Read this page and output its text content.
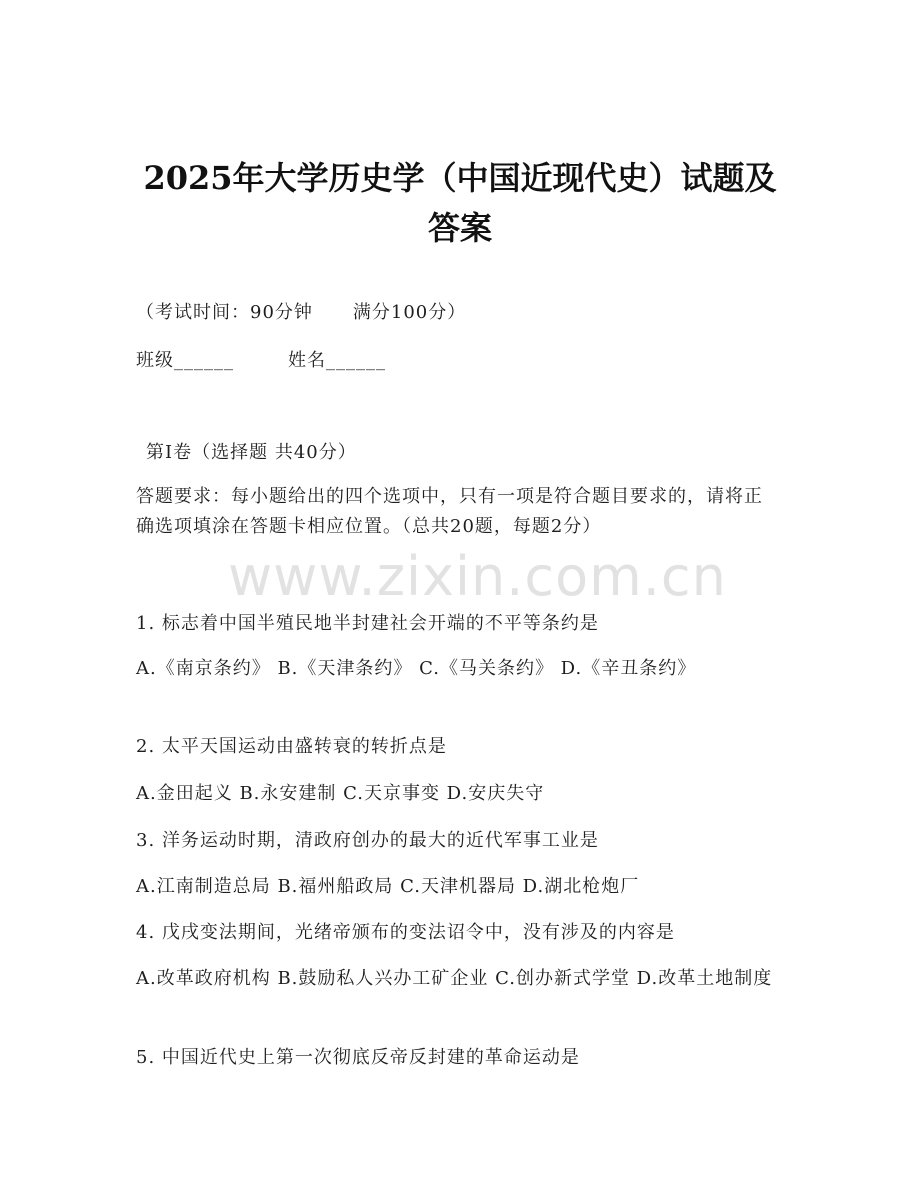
2025年大学历史学（中国近现代史）试题及
答案
（考试时间：90分钟 满分100分）
班级______	姓名______
第Ⅰ卷（选择题 共40分）
答题要求：每小题给出的四个选项中，只有一项是符合题目要求的，请将正确选项填涂在答题卡相应位置。（总共20题，每题2分）
www.zixin.com.cn
1. 标志着中国半殖民地半封建社会开端的不平等条约是
A.《南京条约》 B.《天津条约》 C.《马关条约》 D.《辛丑条约》
2. 太平天国运动由盛转衰的转折点是
A.金田起义 B.永安建制 C.天京事变 D.安庆失守
3. 洋务运动时期，清政府创办的最大的近代军事工业是
A.江南制造总局 B.福州船政局 C.天津机器局 D.湖北枪炮厂
4. 戊戌变法期间，光绪帝颁布的变法诏令中，没有涉及的内容是
A.改革政府机构 B.鼓励私人兴办工矿企业 C.创办新式学堂 D.改革土地制度
5. 中国近代史上第一次彻底反帝反封建的革命运动是
